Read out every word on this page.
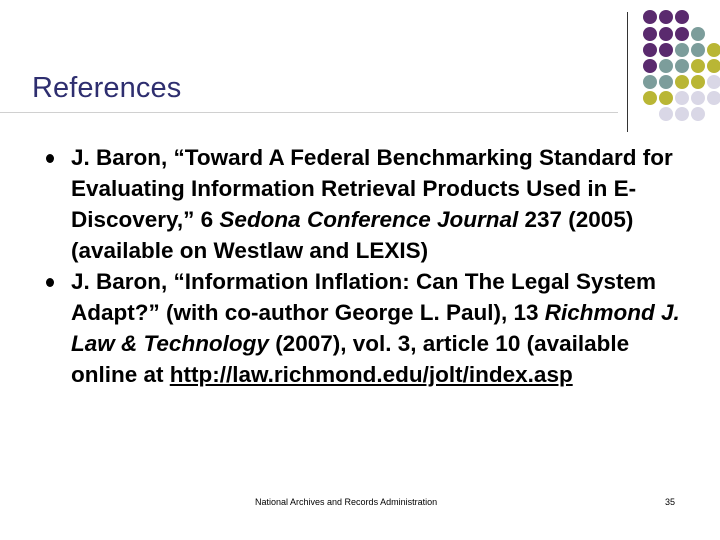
References
J. Baron, “Toward A Federal Benchmarking Standard for Evaluating Information Retrieval Products Used in E-Discovery,” 6 Sedona Conference Journal 237 (2005) (available on Westlaw and LEXIS)
J. Baron, “Information Inflation: Can The Legal System Adapt?” (with co-author George L. Paul), 13 Richmond J. Law & Technology (2007), vol. 3, article 10 (available online at http://law.richmond.edu/jolt/index.asp
National Archives and Records Administration	35
